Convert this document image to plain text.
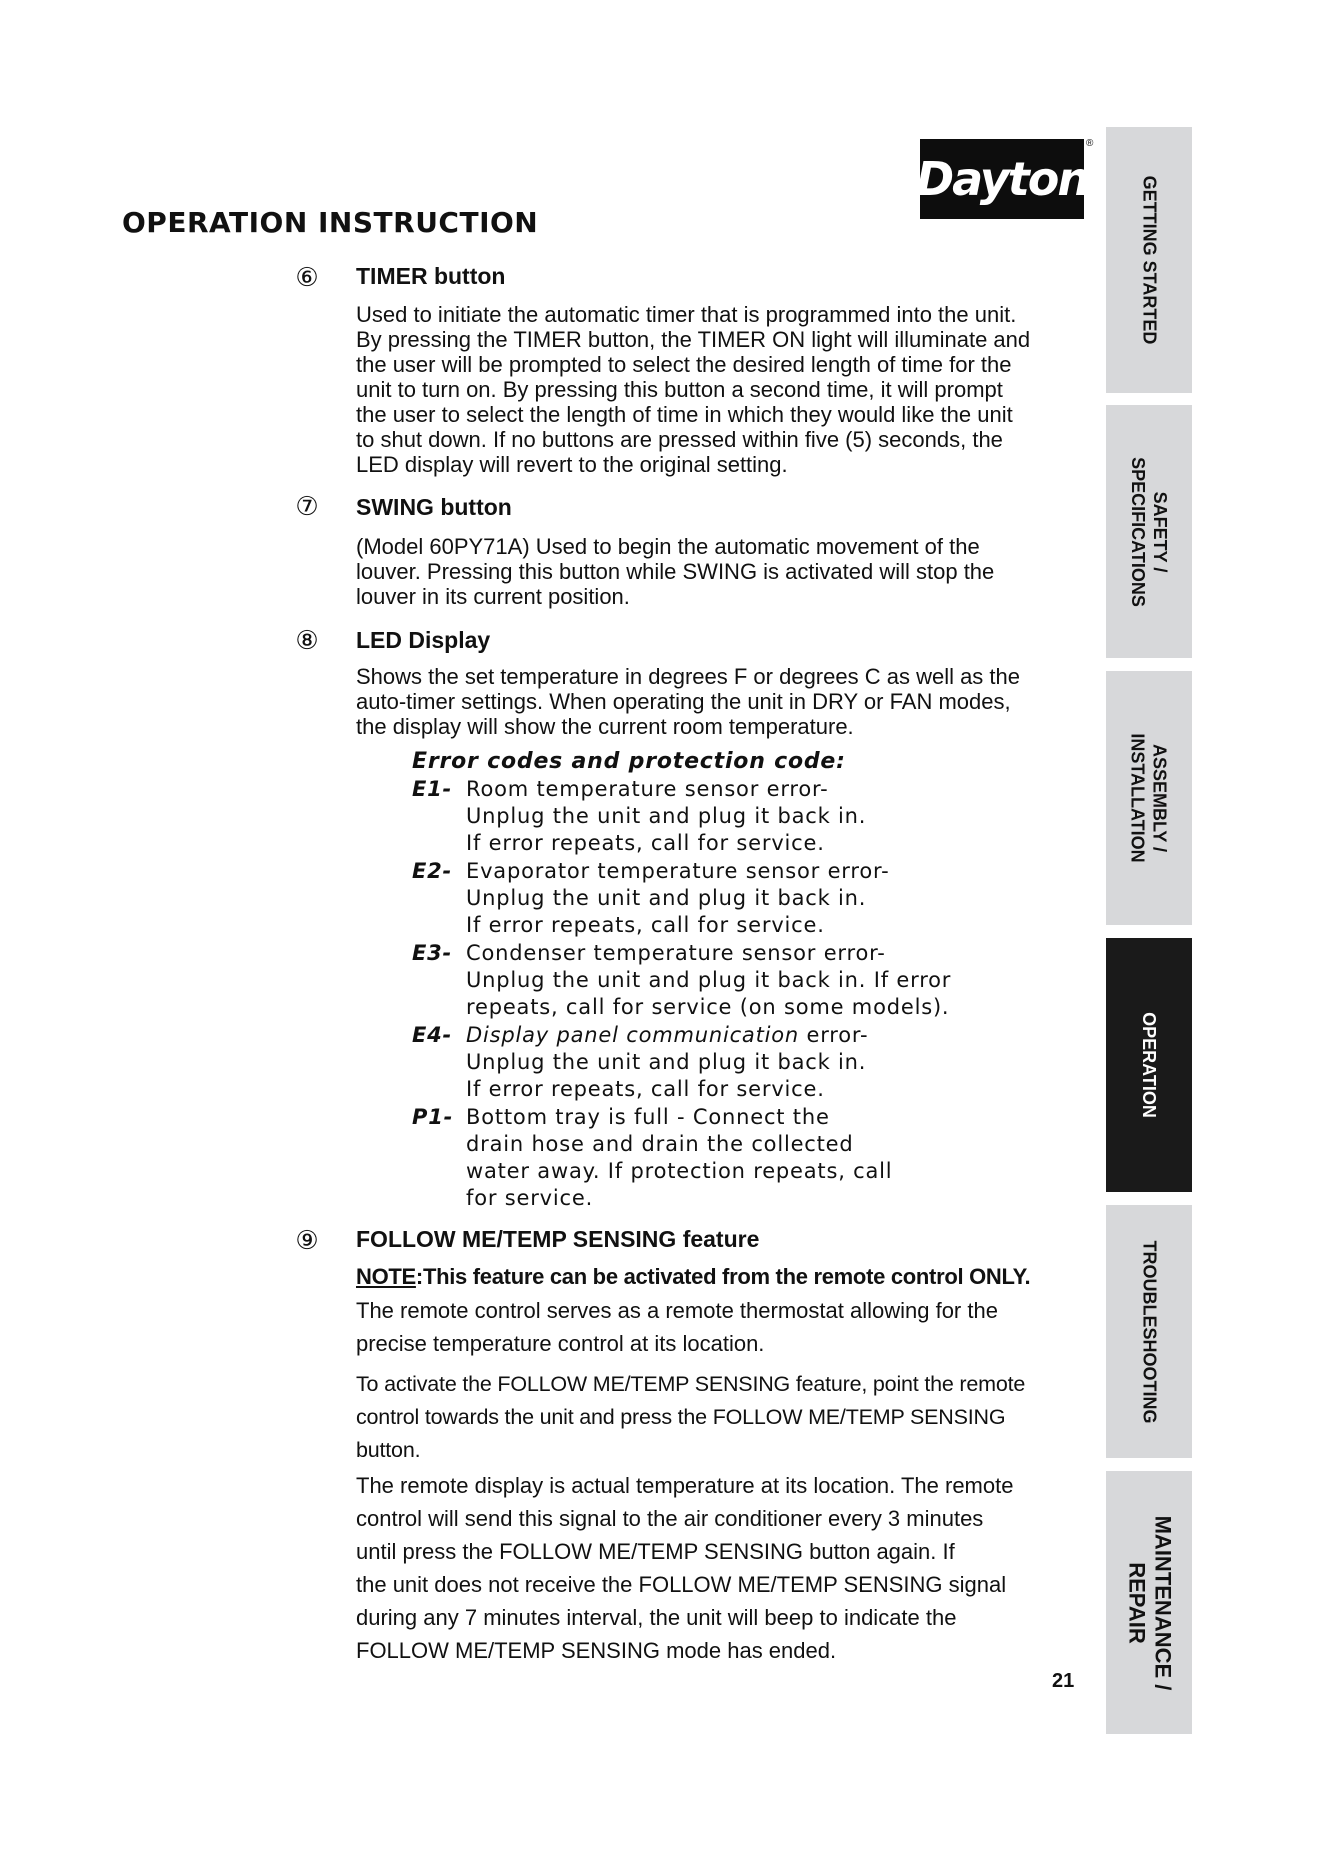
Dayton
®
OPERATION INSTRUCTION
⑥ TIMER button
Used to initiate the automatic timer that is programmed into the unit.
By pressing the TIMER button, the TIMER ON light will illuminate and
the user will be prompted to select the desired length of time for the
unit to turn on. By pressing this button a second time, it will prompt
the user to select the length of time in which they would like the unit
to shut down. If no buttons are pressed within five (5) seconds, the
LED display will revert to the original setting.
⑦ SWING button
(Model 60PY71A) Used to begin the automatic movement of the
louver. Pressing this button while SWING is activated will stop the
louver in its current position.
⑧ LED Display
Shows the set temperature in degrees F or degrees C as well as the
auto-timer settings. When operating the unit in DRY or FAN modes,
the display will show the current room temperature.
Error codes and protection code:
E1- Room temperature sensor error-
Unplug the unit and plug it back in.
If error repeats, call for service.
E2- Evaporator temperature sensor error-
Unplug the unit and plug it back in.
If error repeats, call for service.
E3- Condenser temperature sensor error-
Unplug the unit and plug it back in. If error
repeats, call for service (on some models).
E4- Display panel communication error-
Unplug the unit and plug it back in.
If error repeats, call for service.
P1- Bottom tray is full - Connect the
drain hose and drain the collected
water away. If protection repeats, call
for service.
⑨ FOLLOW ME/TEMP SENSING feature
NOTE:This feature can be activated from the remote control ONLY.
The remote control serves as a remote thermostat allowing for the
precise temperature control at its location.
To activate the FOLLOW ME/TEMP SENSING feature, point the remote
control towards the unit and press the FOLLOW ME/TEMP SENSING
button.
The remote display is actual temperature at its location. The remote
control will send this signal to the air conditioner every 3 minutes
until press the FOLLOW ME/TEMP SENSING button again. If
the unit does not receive the FOLLOW ME/TEMP SENSING signal
during any 7 minutes interval, the unit will beep to indicate the
FOLLOW ME/TEMP SENSING mode has ended.
21
GETTING STARTED
SAFETY /
SPECIFICATIONS
ASSEMBLY /
INSTALLATION
OPERATION
TROUBLESHOOTING
MAINTENANCE /
REPAIR
